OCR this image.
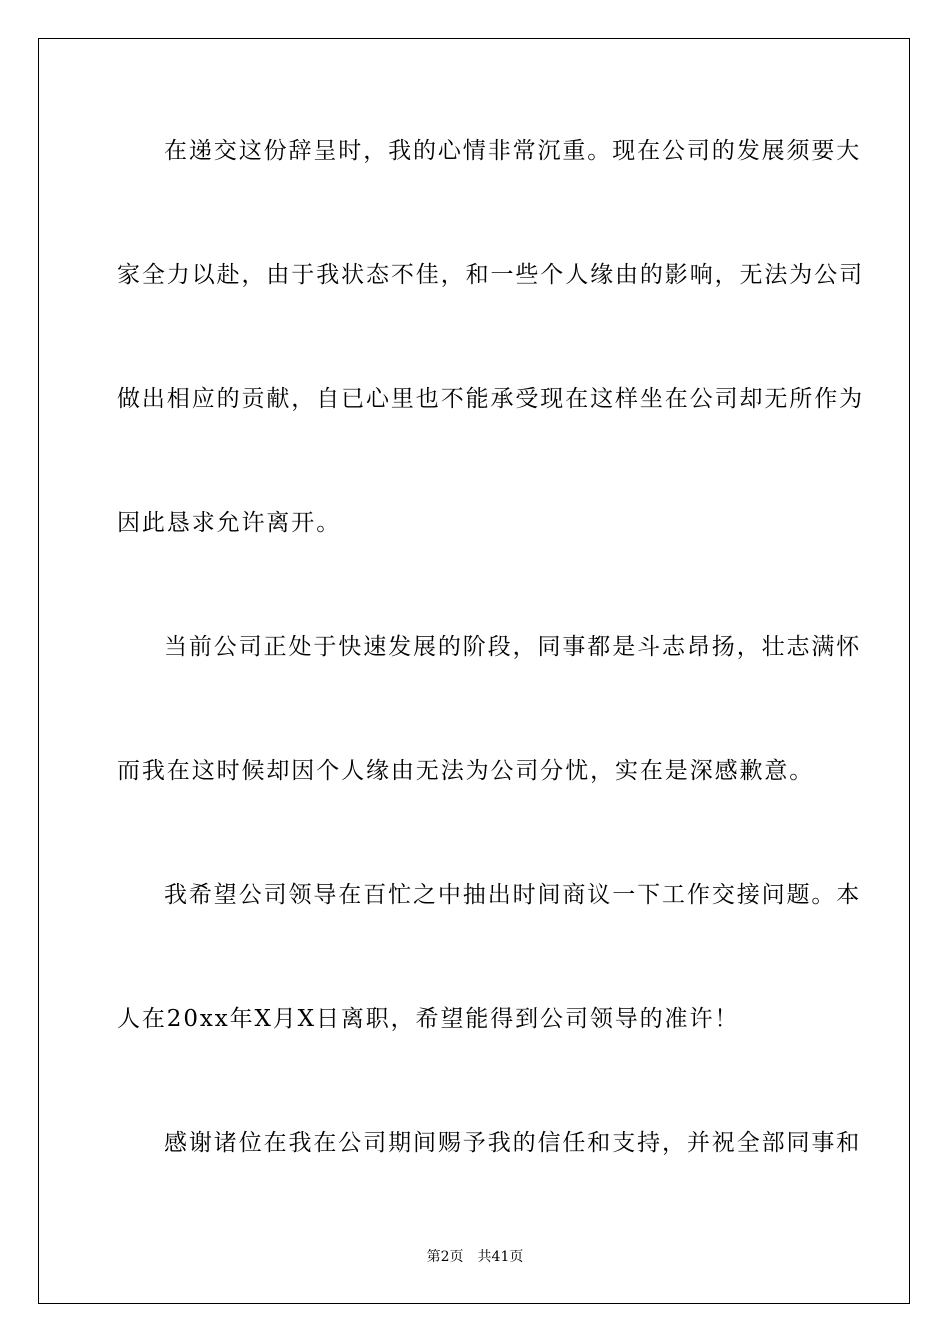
在递交这份辞呈时，我的心情非常沉重。现在公司的发展须要大
家全力以赴，由于我状态不佳，和一些个人缘由的影响，无法为公司
做出相应的贡献，自已心里也不能承受现在这样坐在公司却无所作为
因此恳求允许离开。
当前公司正处于快速发展的阶段，同事都是斗志昂扬，壮志满怀
而我在这时候却因个人缘由无法为公司分忧，实在是深感歉意。
我希望公司领导在百忙之中抽出时间商议一下工作交接问题。本
人在20xx年X月X日离职，希望能得到公司领导的准许！
感谢诸位在我在公司期间赐予我的信任和支持，并祝全部同事和
第2页 共41页
